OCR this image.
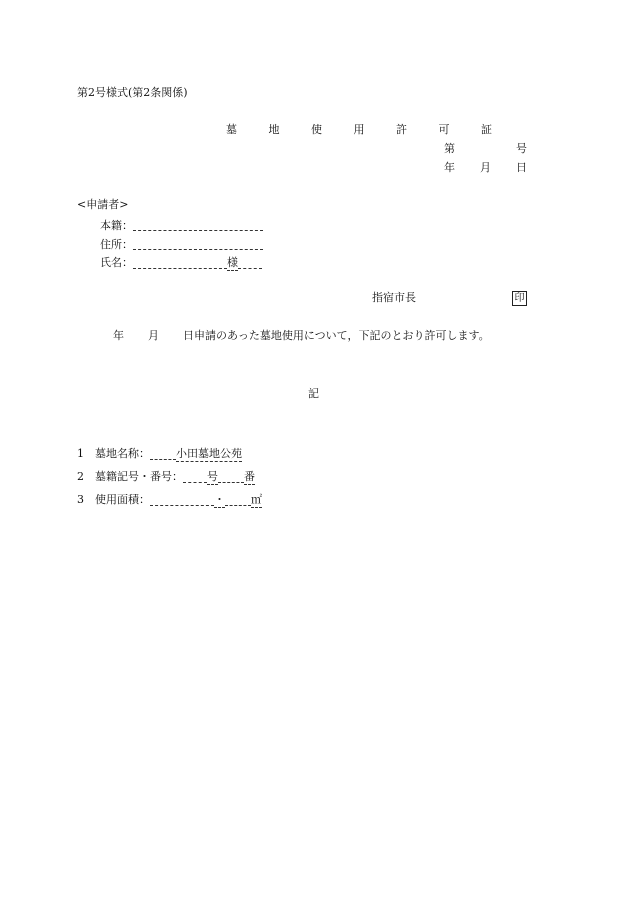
第2号様式(第2条関係)
墓 地 使 用 許 可 証
第	号
年 月 日
<申請者>
本籍：
住所：
氏名：	様
指宿市長	印
年 月 日申請のあった墓地使用について，下記のとおり許可します。
記
1 墓地名称： 小田墓地公苑
2 墓籍記号・番号： 号 番
3 使用面積：	・ ㎡
